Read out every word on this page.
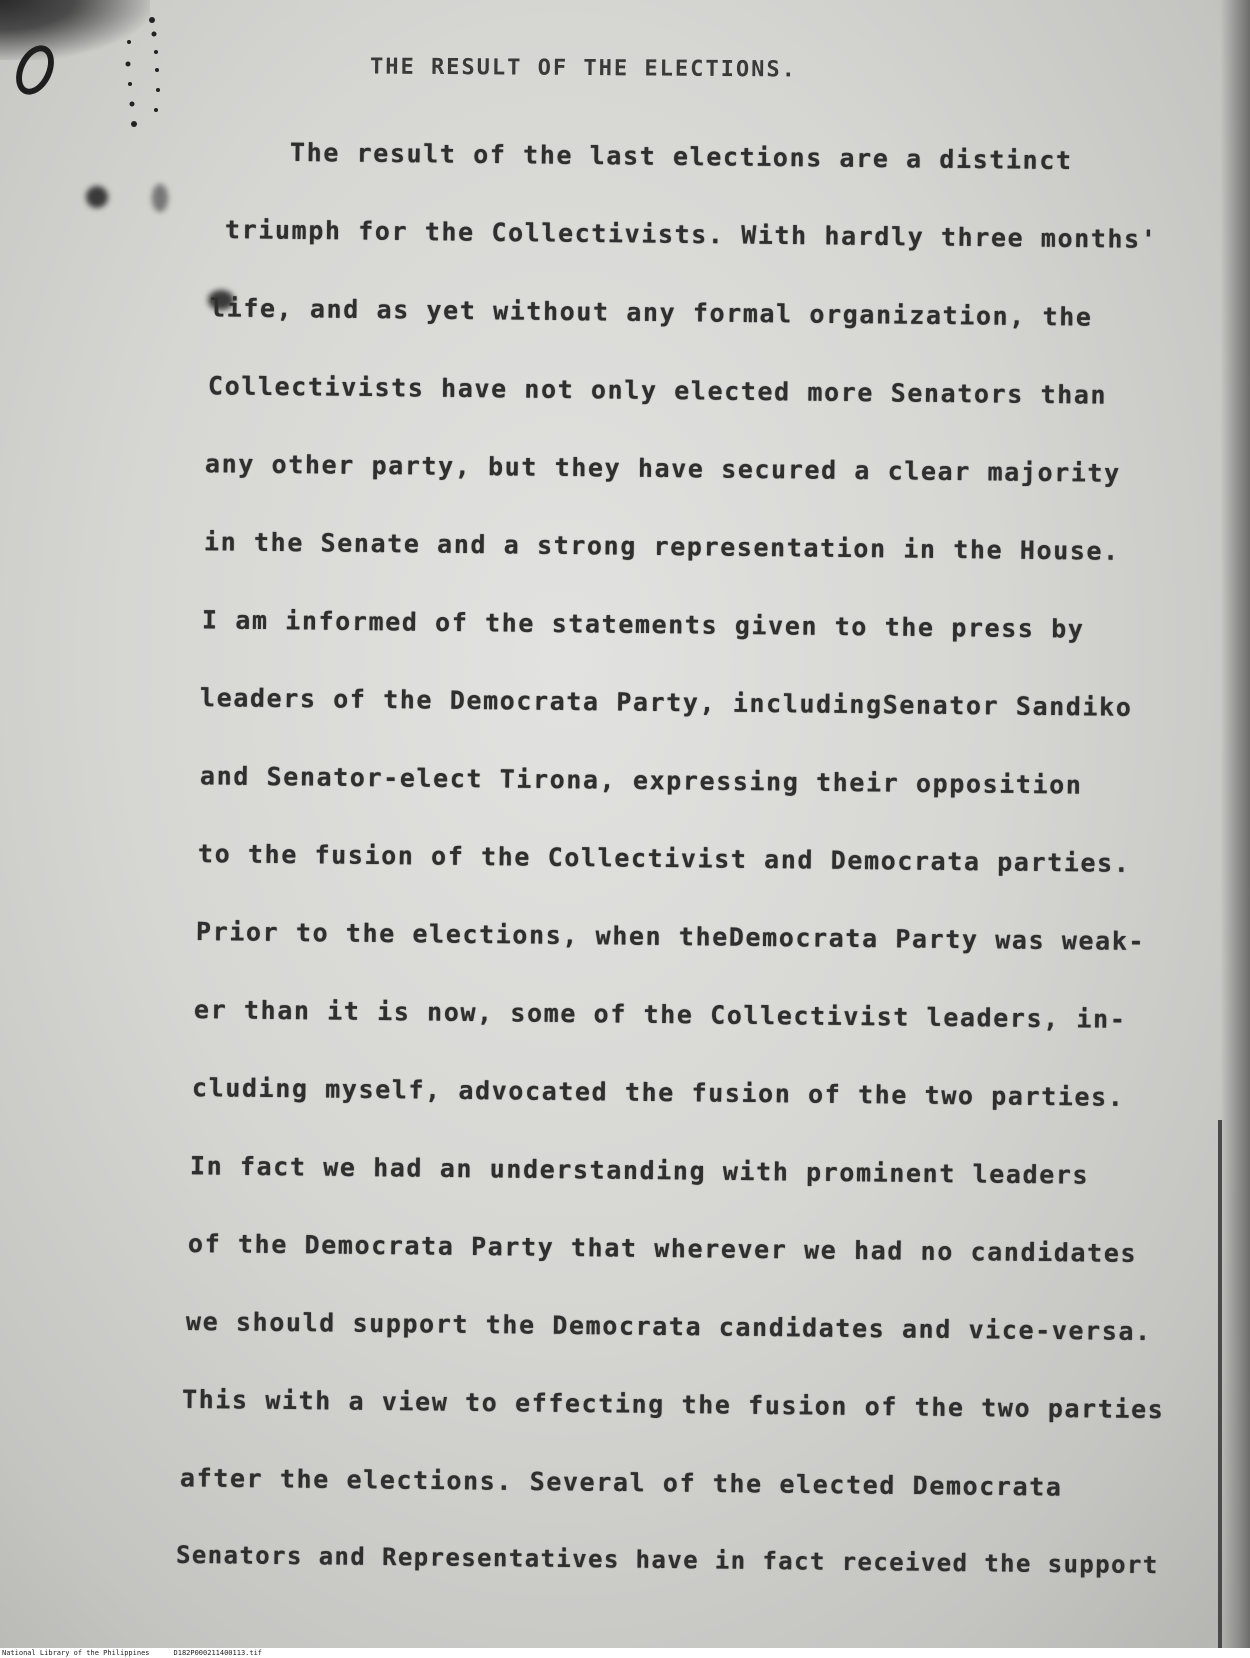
THE RESULT OF THE ELECTIONS.
The result of the last elections are a distinct
triumph for the Collectivists. With hardly three months'
life, and as yet without any formal organization, the
Collectivists have not only elected more Senators than
any other party, but they have secured a clear majority
in the Senate and a strong representation in the House.
I am informed of the statements given to the press by
leaders of the Democrata Party, includingSenator Sandiko
and Senator-elect Tirona, expressing their opposition
to the fusion of the Collectivist and Democrata parties.
Prior to the elections, when theDemocrata Party was weak-
er than it is now, some of the Collectivist leaders, in-
cluding myself, advocated the fusion of the two parties.
In fact we had an understanding with prominent leaders
of the Democrata Party that wherever we had no candidates
we should support the Democrata candidates and vice-versa.
This with a view to effecting the fusion of the two parties
after the elections. Several of the elected Democrata
Senators and Representatives have in fact received the support
National Library of the Philippines	D182P000211400113.tif
